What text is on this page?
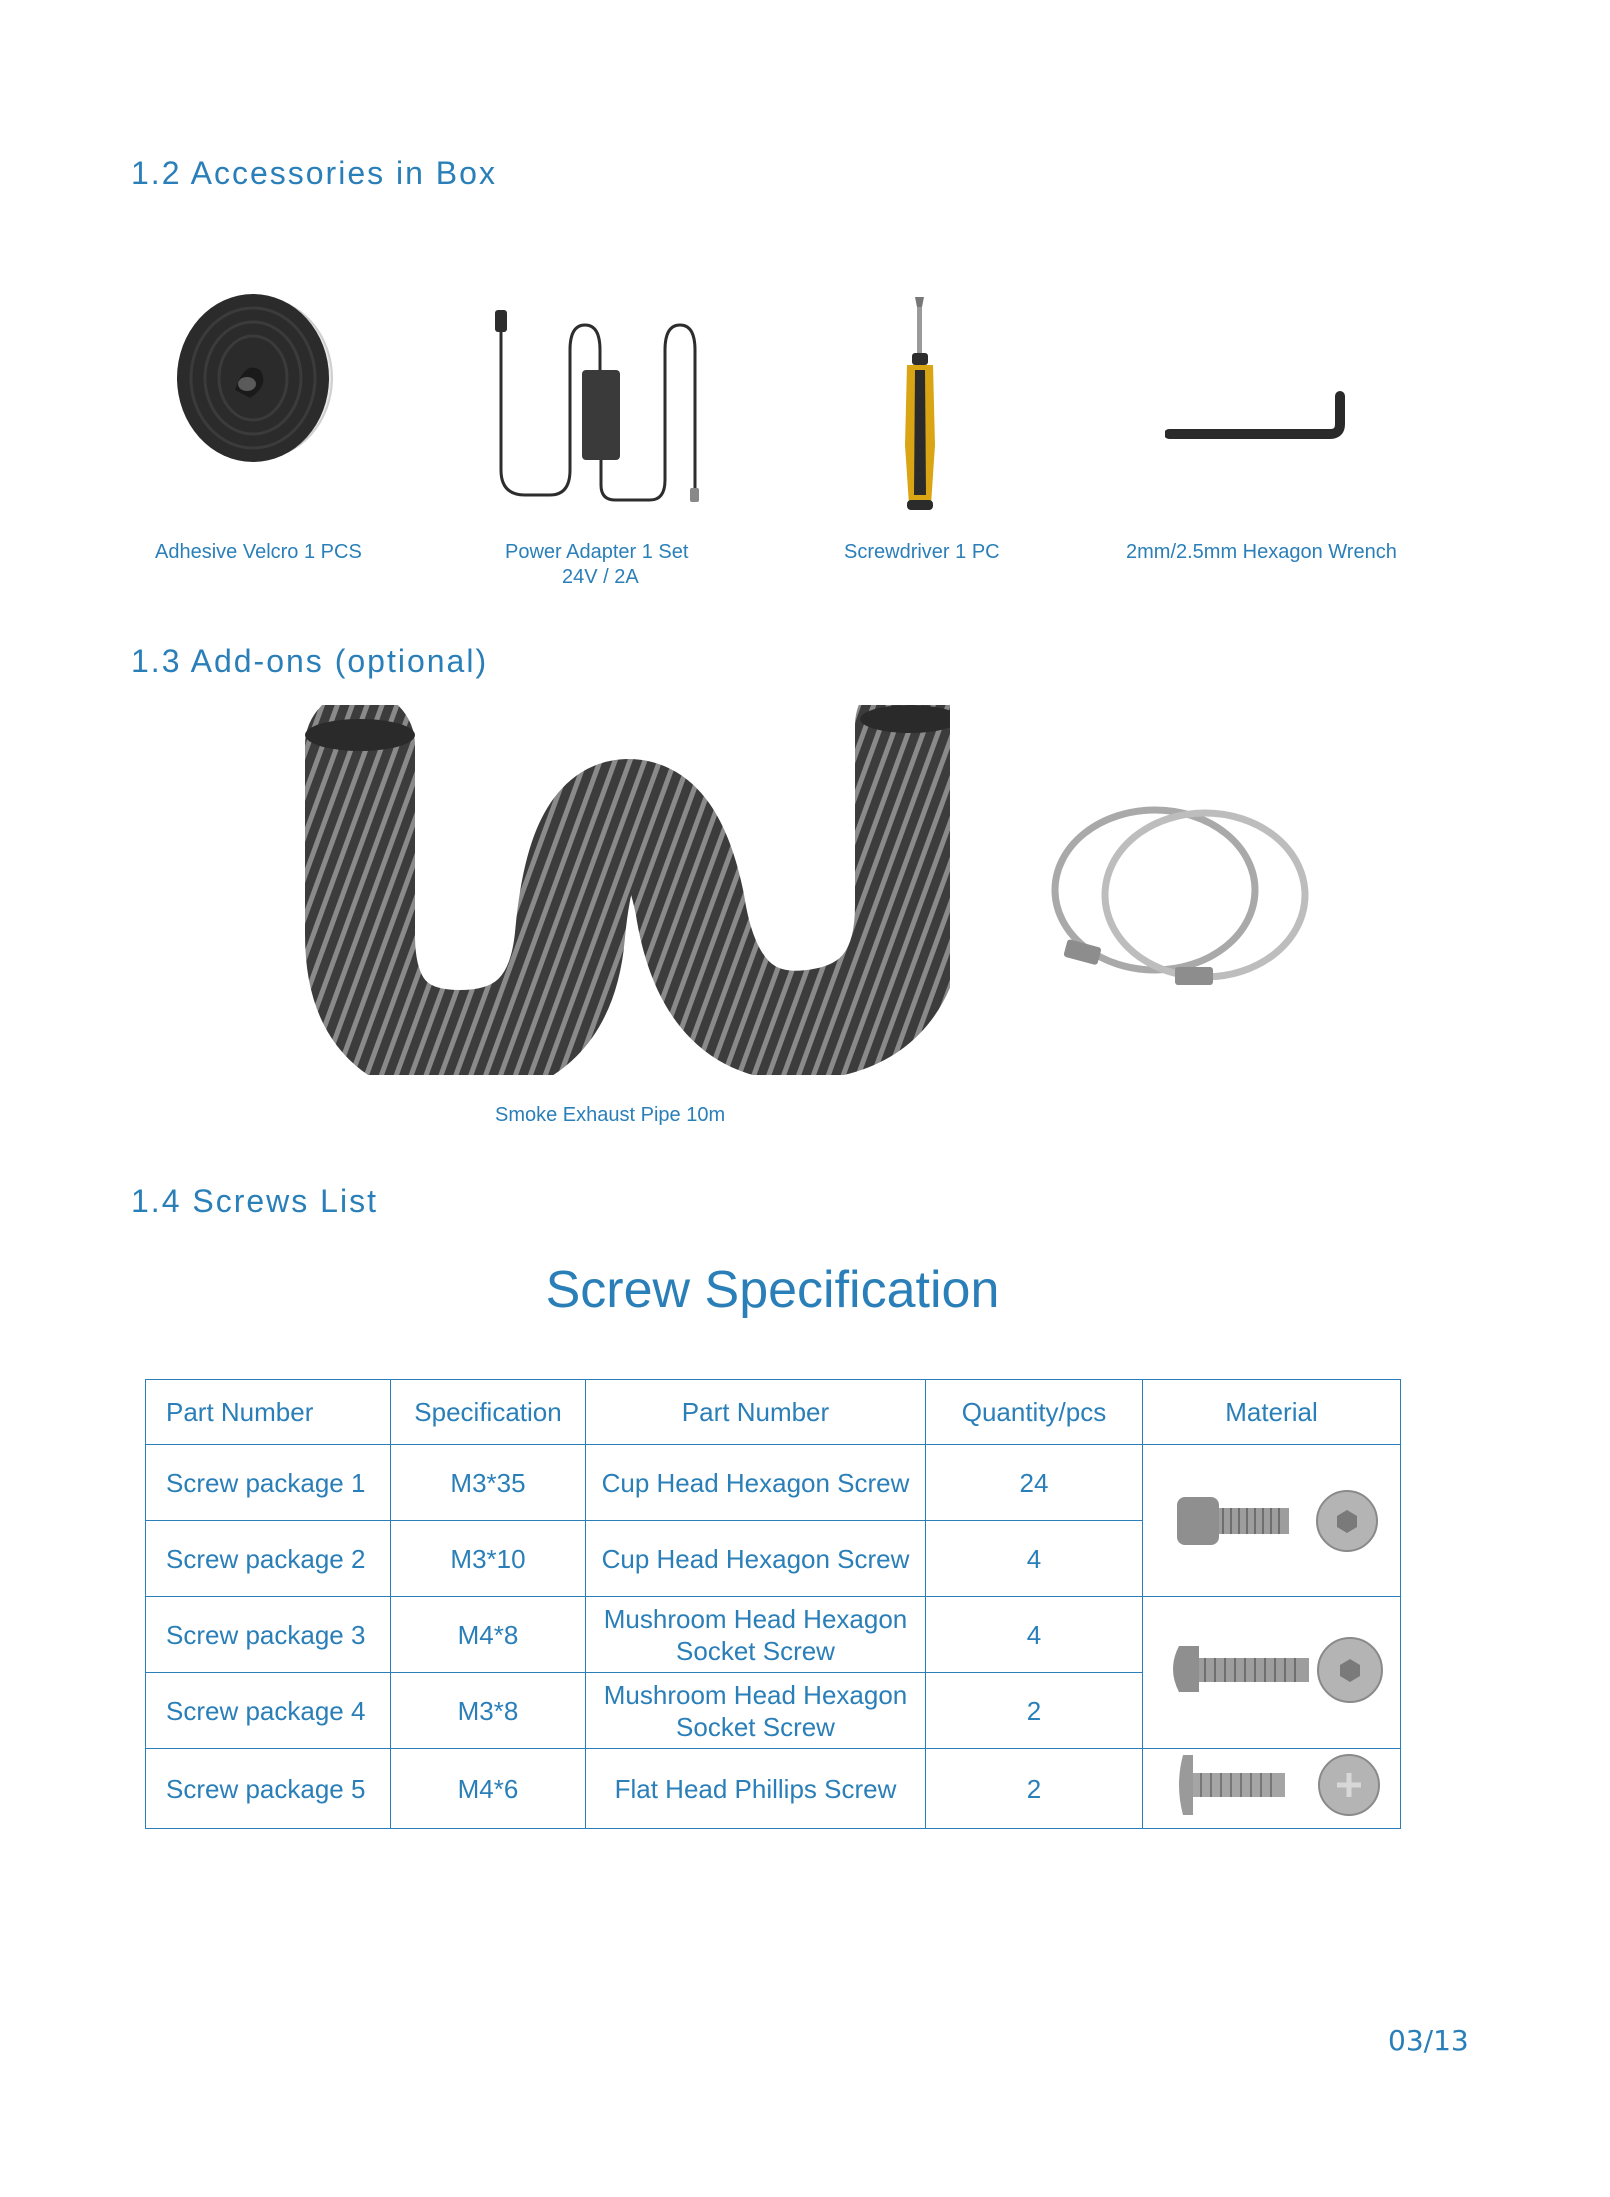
1.2 Accessories in Box
Adhesive Velcro 1 PCS	Power Adapter 1 Set
24V / 2A
Screwdriver 1 PC	2mm/2.5mm Hexagon Wrench
1.3 Add-ons (optional)
Smoke Exhaust Pipe 10m
1.4 Screws List
Screw Specification
Part Number	Specification	Part Number	Quantity/pcs	Material
Screw package 1	M3*35	Cup Head Hexagon Screw	24	
Screw package 2	M3*10	Cup Head Hexagon Screw	4	
Screw package 3	M4*8	Mushroom Head Hexagon Socket Screw	4	
Screw package 4	M3*8	Mushroom Head Hexagon Socket Screw	2	
Screw package 5	M4*6	Flat Head Phillips Screw	2	
03/13
